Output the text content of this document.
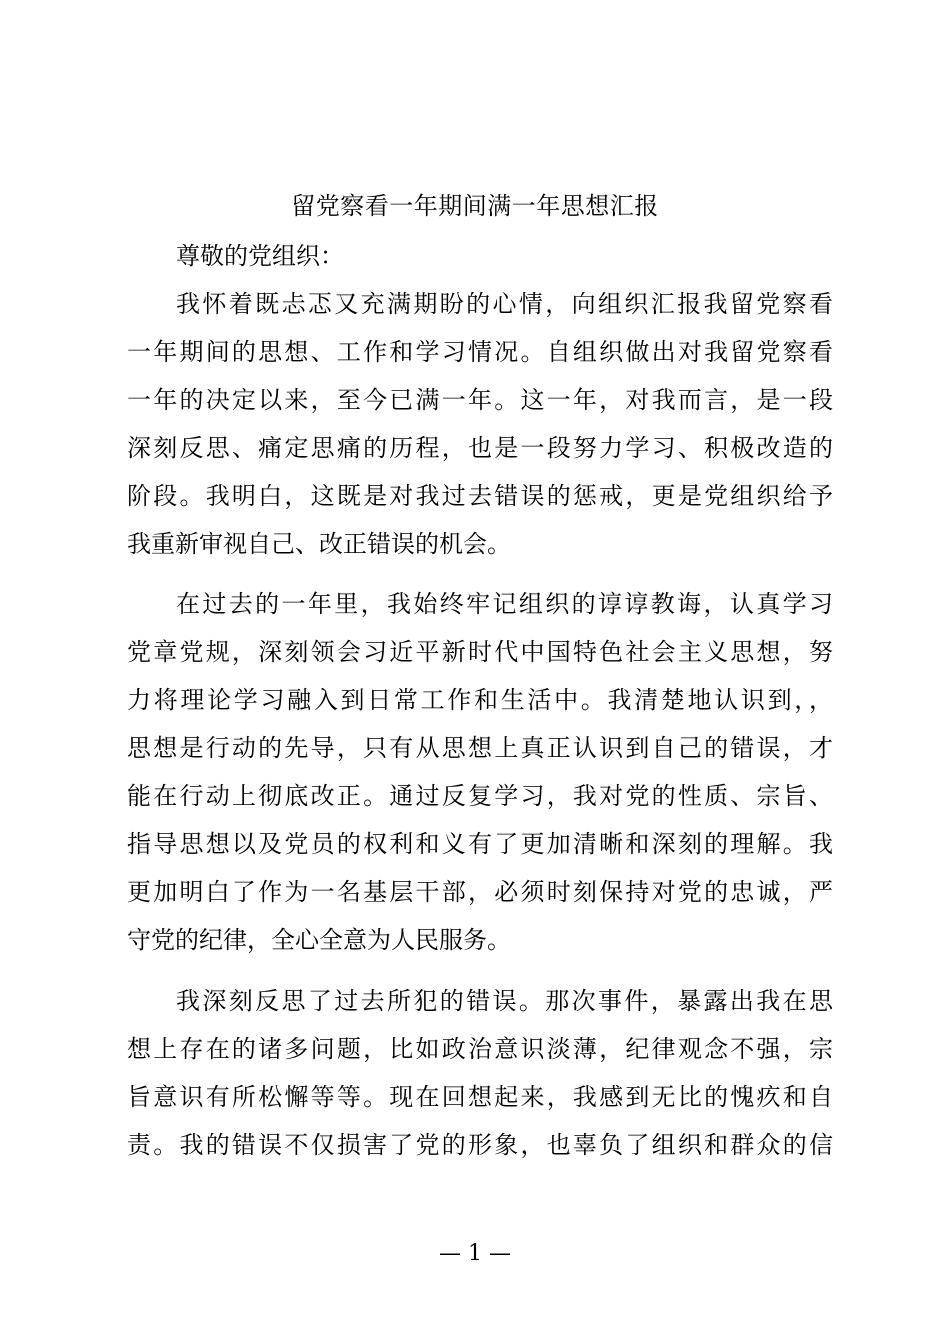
留党察看一年期间满一年思想汇报
尊敬的党组织：
我怀着既忐忑又充满期盼的心情，向组织汇报我留党察看
一年期间的思想、工作和学习情况。自组织做出对我留党察看
一年的决定以来，至今已满一年。这一年，对我而言，是一段
深刻反思、痛定思痛的历程，也是一段努力学习、积极改造的
阶段。我明白，这既是对我过去错误的惩戒，更是党组织给予
我重新审视自己、改正错误的机会。
在过去的一年里，我始终牢记组织的谆谆教诲，认真学习
党章党规，深刻领会习近平新时代中国特色社会主义思想，努
力将理论学习融入到日常工作和生活中。我清楚地认识到，，
思想是行动的先导，只有从思想上真正认识到自己的错误，才
能在行动上彻底改正。通过反复学习，我对党的性质、宗旨、
指导思想以及党员的权利和义有了更加清晰和深刻的理解。我
更加明白了作为一名基层干部，必须时刻保持对党的忠诚，严
守党的纪律，全心全意为人民服务。
我深刻反思了过去所犯的错误。那次事件，暴露出我在思
想上存在的诸多问题，比如政治意识淡薄，纪律观念不强，宗
旨意识有所松懈等等。现在回想起来，我感到无比的愧疚和自
责。我的错误不仅损害了党的形象，也辜负了组织和群众的信
— 1 —
